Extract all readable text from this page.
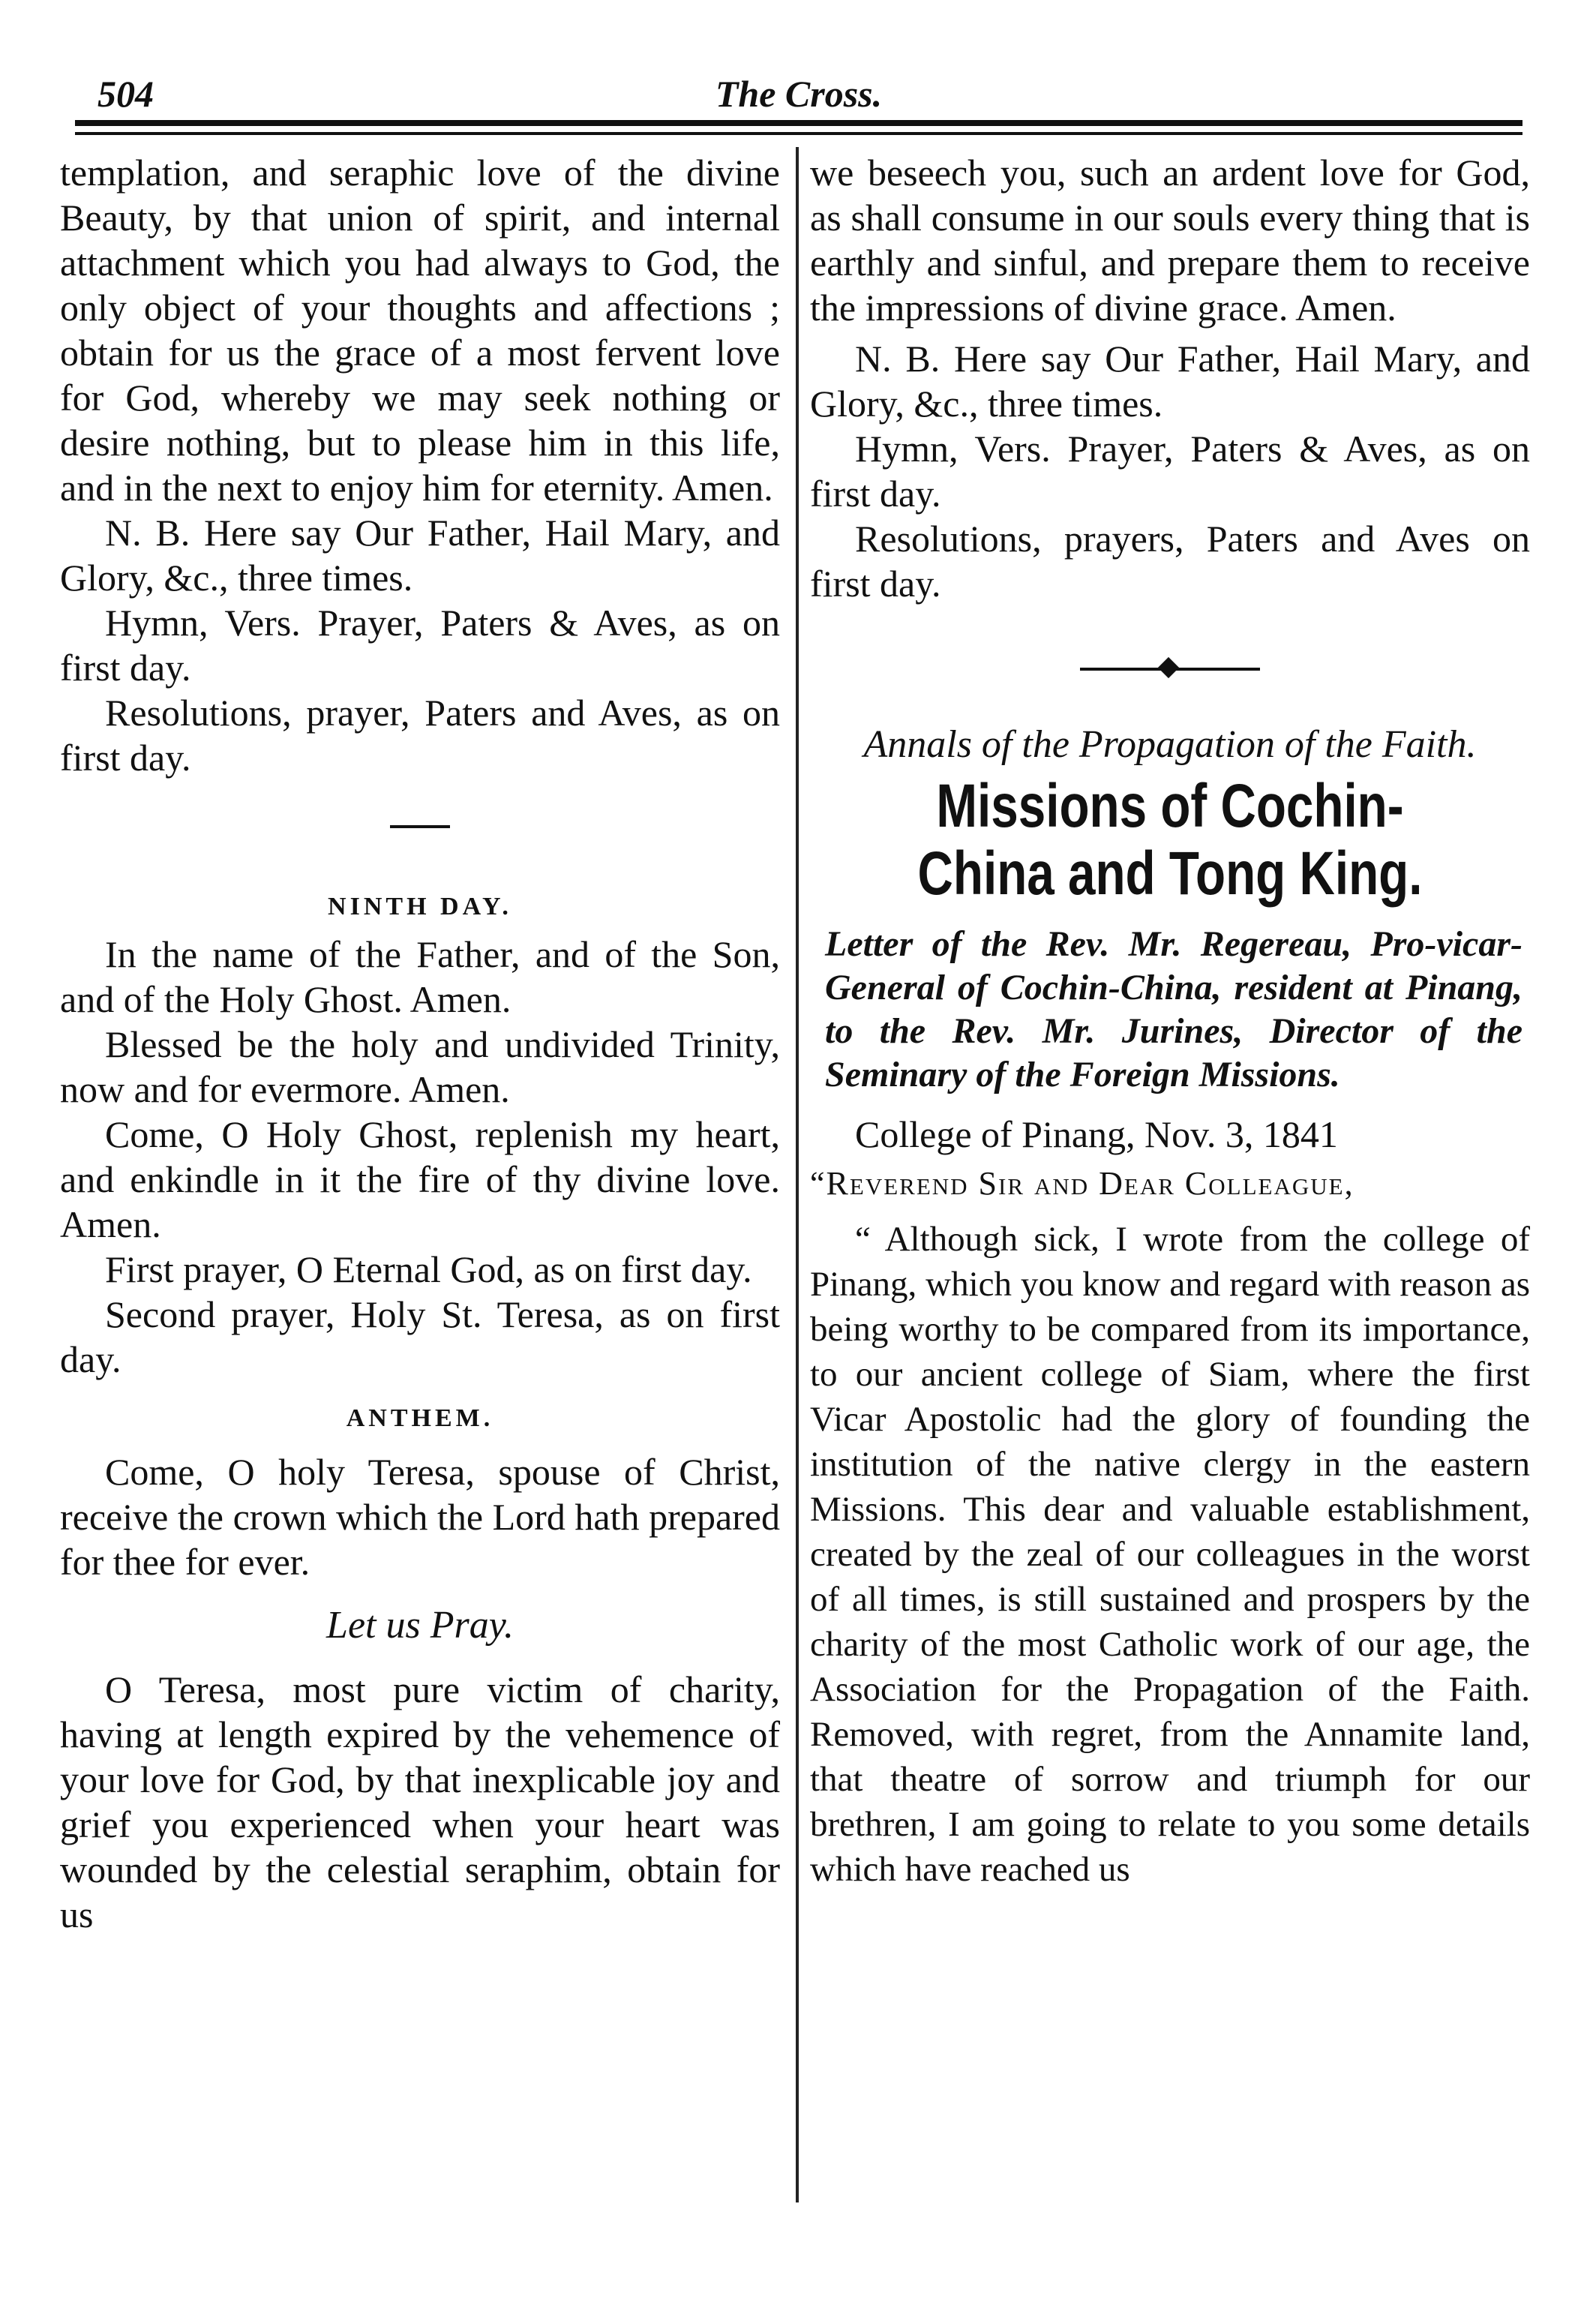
504	The Cross.

templation, and seraphic love of the divine Beauty, by that union of spirit, and internal attachment which you had always to God, the only object of your thoughts and affections ; obtain for us the grace of a most fervent love for God, whereby we may seek nothing or desire nothing, but to please him in this life, and in the next to enjoy him for eternity. Amen.

N. B. Here say Our Father, Hail Mary, and Glory, &c., three times.

Hymn, Vers. Prayer, Paters & Aves, as on first day.

Resolutions, prayer, Paters and Aves, as on first day.

NINTH DAY.

In the name of the Father, and of the Son, and of the Holy Ghost. Amen.

Blessed be the holy and undivided Trinity, now and for evermore. Amen.

Come, O Holy Ghost, replenish my heart, and enkindle in it the fire of thy divine love. Amen.

First prayer, O Eternal God, as on first day.

Second prayer, Holy St. Teresa, as on first day.

ANTHEM.

Come, O holy Teresa, spouse of Christ, receive the crown which the Lord hath prepared for thee for ever.

Let us Pray.

O Teresa, most pure victim of charity, having at length expired by the vehemence of your love for God, by that inexplicable joy and grief you experienced when your heart was wounded by the celestial seraphim, obtain for us

we beseech you, such an ardent love for God, as shall consume in our souls every thing that is earthly and sinful, and prepare them to receive the impressions of divine grace. Amen.

N. B. Here say Our Father, Hail Mary, and Glory, &c., three times.

Hymn, Vers. Prayer, Paters & Aves, as on first day.

Resolutions, prayers, Paters and Aves on first day.

Annals of the Propagation of the Faith.

Missions of Cochin-China and Tong King.

Letter of the Rev. Mr. Regereau, Pro-vicar-General of Cochin-China, resident at Pinang, to the Rev. Mr. Jurines, Director of the Seminary of the Foreign Missions.

College of Pinang, Nov. 3, 1841

“Reverend Sir and Dear Colleague,

“ Although sick, I wrote from the college of Pinang, which you know and regard with reason as being worthy to be compared from its importance, to our ancient college of Siam, where the first Vicar Apostolic had the glory of founding the institution of the native clergy in the eastern Missions. This dear and valuable establishment, created by the zeal of our colleagues in the worst of all times, is still sustained and prospers by the charity of the most Catholic work of our age, the Association for the Propagation of the Faith. Removed, with regret, from the Annamite land, that theatre of sorrow and triumph for our brethren, I am going to relate to you some details which have reached us
